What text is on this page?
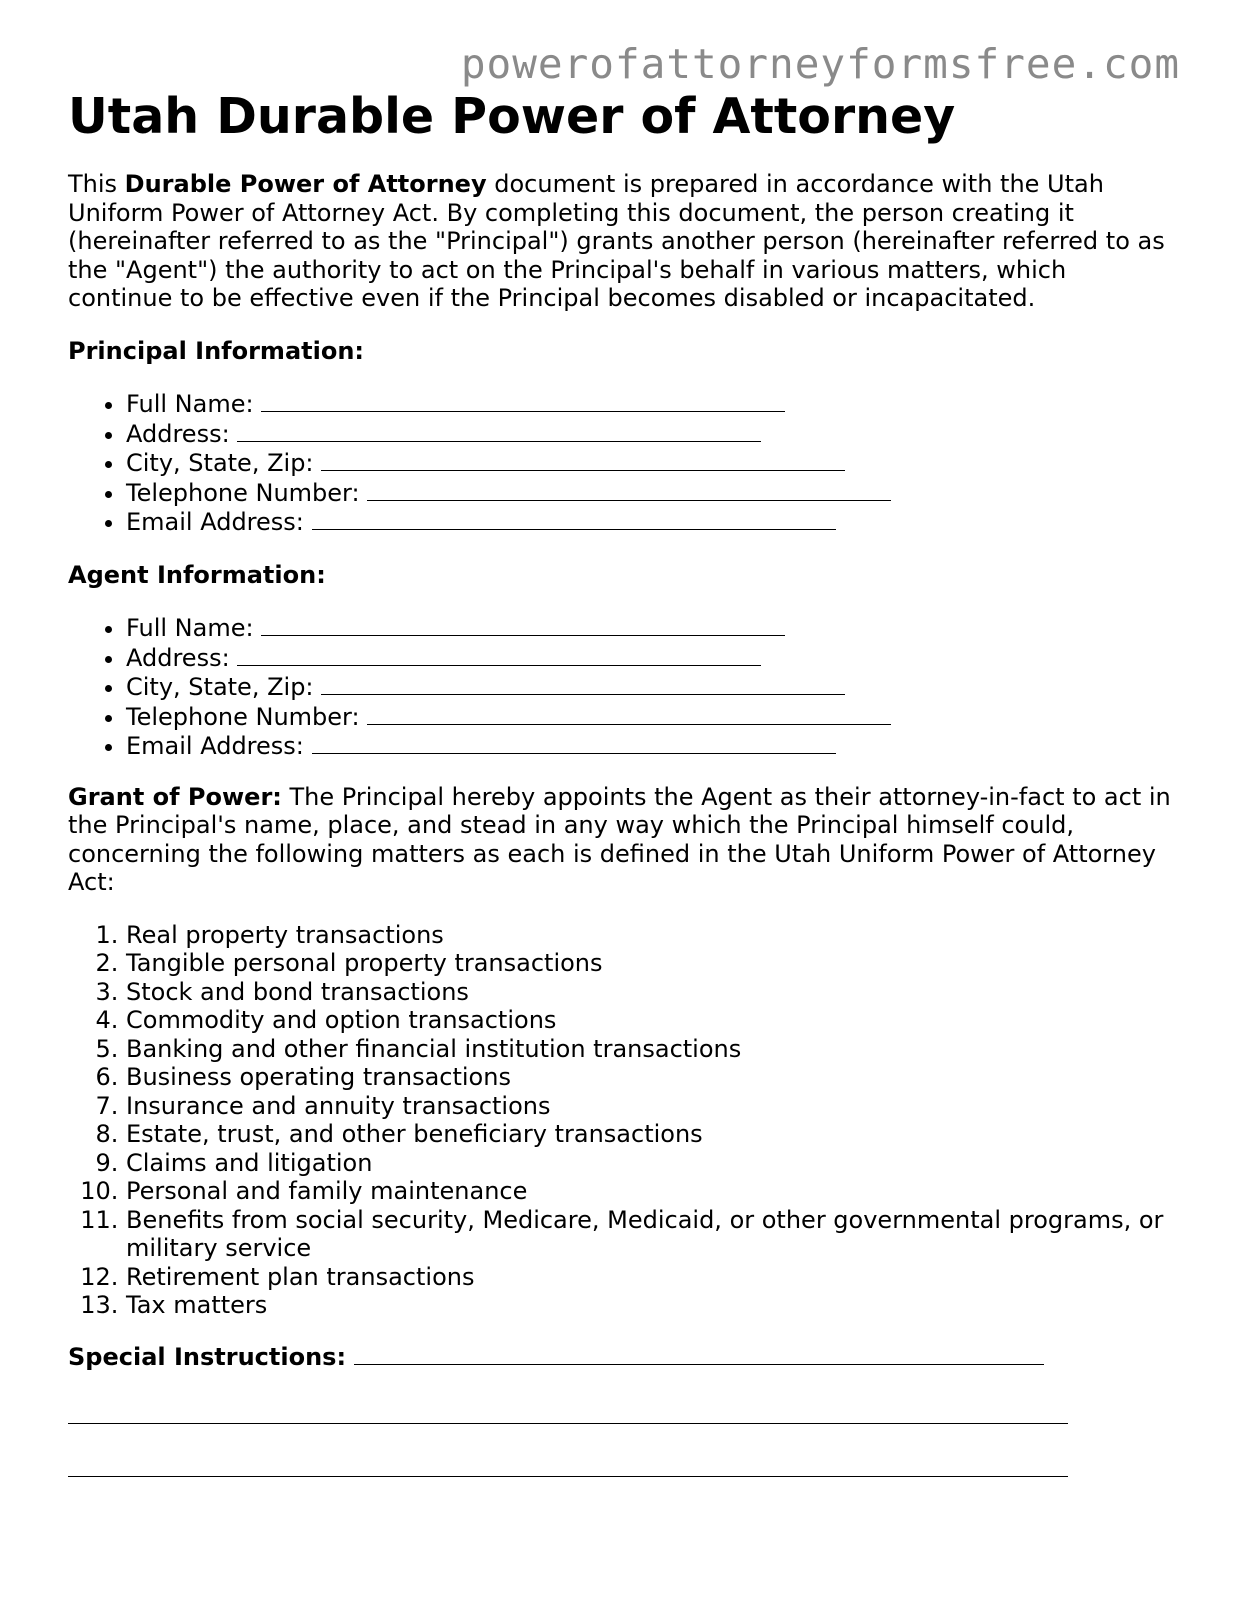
powerofattorneyformsfree.com
Utah Durable Power of Attorney

This Durable Power of Attorney document is prepared in accordance with the Utah Uniform Power of Attorney Act. By completing this document, the person creating it (hereinafter referred to as the "Principal") grants another person (hereinafter referred to as the "Agent") the authority to act on the Principal's behalf in various matters, which continue to be effective even if the Principal becomes disabled or incapacitated.

Principal Information:
• Full Name:
• Address:
• City, State, Zip:
• Telephone Number:
• Email Address:
Agent Information:
• Full Name:
• Address:
• City, State, Zip:
• Telephone Number:
• Email Address:

Grant of Power: The Principal hereby appoints the Agent as their attorney-in-fact to act in the Principal's name, place, and stead in any way which the Principal himself could, concerning the following matters as each is defined in the Utah Uniform Power of Attorney Act:

1. Real property transactions
2. Tangible personal property transactions
3. Stock and bond transactions
4. Commodity and option transactions
5. Banking and other financial institution transactions
6. Business operating transactions
7. Insurance and annuity transactions
8. Estate, trust, and other beneficiary transactions
9. Claims and litigation
10. Personal and family maintenance
11. Benefits from social security, Medicare, Medicaid, or other governmental programs, or military service
12. Retirement plan transactions
13. Tax matters
Special Instructions:
